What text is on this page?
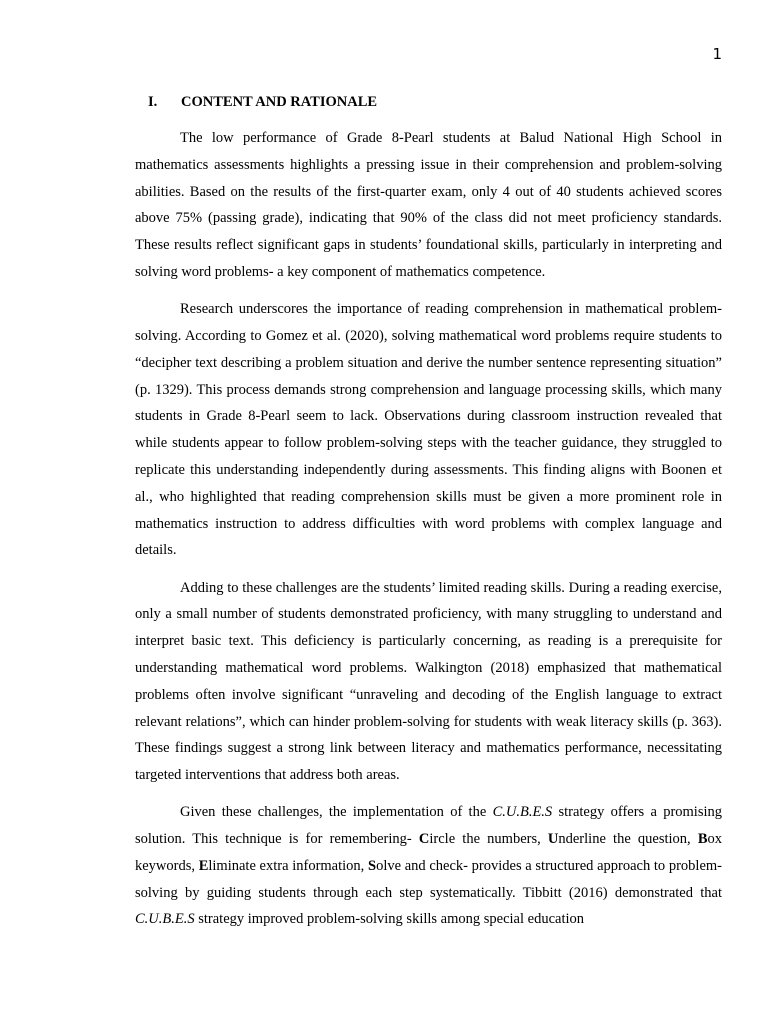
1
I. CONTENT AND RATIONALE

The low performance of Grade 8-Pearl students at Balud National High School in mathematics assessments highlights a pressing issue in their comprehension and problem-solving abilities. Based on the results of the first-quarter exam, only 4 out of 40 students achieved scores above 75% (passing grade), indicating that 90% of the class did not meet proficiency standards. These results reflect significant gaps in students’ foundational skills, particularly in interpreting and solving word problems- a key component of mathematics competence.

Research underscores the importance of reading comprehension in mathematical problem-solving. According to Gomez et al. (2020), solving mathematical word problems require students to “decipher text describing a problem situation and derive the number sentence representing situation” (p. 1329). This process demands strong comprehension and language processing skills, which many students in Grade 8-Pearl seem to lack. Observations during classroom instruction revealed that while students appear to follow problem-solving steps with the teacher guidance, they struggled to replicate this understanding independently during assessments. This finding aligns with Boonen et al., who highlighted that reading comprehension skills must be given a more prominent role in mathematics instruction to address difficulties with word problems with complex language and details.

Adding to these challenges are the students’ limited reading skills. During a reading exercise, only a small number of students demonstrated proficiency, with many struggling to understand and interpret basic text. This deficiency is particularly concerning, as reading is a prerequisite for understanding mathematical word problems. Walkington (2018) emphasized that mathematical problems often involve significant “unraveling and decoding of the English language to extract relevant relations”, which can hinder problem-solving for students with weak literacy skills (p. 363). These findings suggest a strong link between literacy and mathematics performance, necessitating targeted interventions that address both areas.

Given these challenges, the implementation of the C.U.B.E.S strategy offers a promising solution. This technique is for remembering- Circle the numbers, Underline the question, Box keywords, Eliminate extra information, Solve and check- provides a structured approach to problem-solving by guiding students through each step systematically. Tibbitt (2016) demonstrated that C.U.B.E.S strategy improved problem-solving skills among special education
